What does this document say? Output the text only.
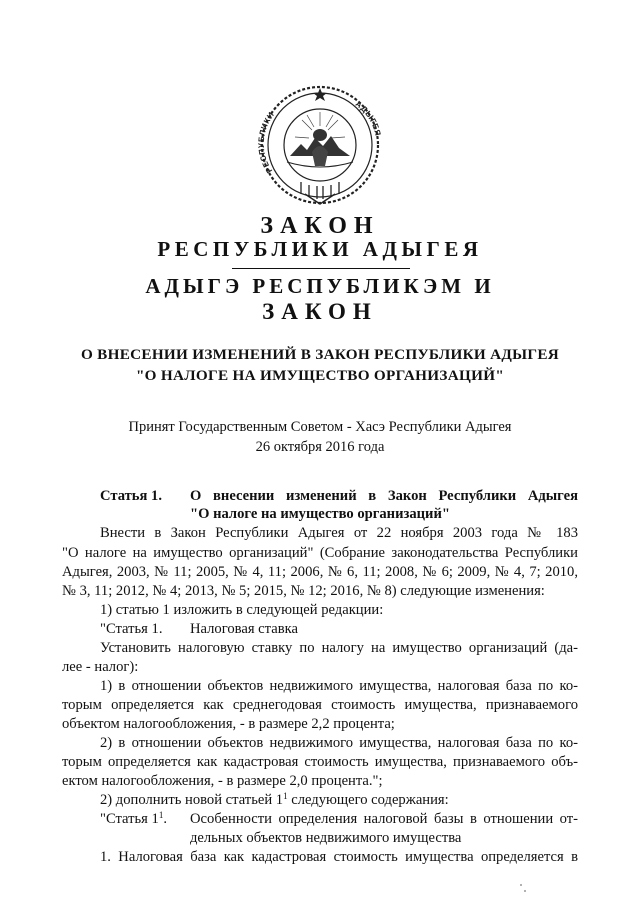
РЕСПУБЛИКИ
АДЫГЕЯ
ЗАКОН
РЕСПУБЛИКИ АДЫГЕЯ
АДЫГЭ РЕСПУБЛИКЭМ И
ЗАКОН
О ВНЕСЕНИИ ИЗМЕНЕНИЙ В ЗАКОН РЕСПУБЛИКИ АДЫГЕЯ
"О НАЛОГЕ НА ИМУЩЕСТВО ОРГАНИЗАЦИЙ"
Принят Государственным Советом - Хасэ Республики Адыгея
26 октября 2016 года
Статья 1. О внесении изменений в Закон Республики Адыгея
"О налоге на имущество организаций"
Внести в Закон Республики Адыгея от 22 ноября 2003 года № 183
"О налоге на имущество организаций" (Собрание законодательства Республики
Адыгея, 2003, № 11; 2005, № 4, 11; 2006, № 6, 11; 2008, № 6; 2009, № 4, 7; 2010,
№ 3, 11; 2012, № 4; 2013, № 5; 2015, № 12; 2016, № 8) следующие изменения:
1) статью 1 изложить в следующей редакции:
"Статья 1. Налоговая ставка
Установить налоговую ставку по налогу на имущество организаций (да-
лее - налог):
1) в отношении объектов недвижимого имущества, налоговая база по ко-
торым определяется как среднегодовая стоимость имущества, признаваемого
объектом налогообложения, - в размере 2,2 процента;
2) в отношении объектов недвижимого имущества, налоговая база по ко-
торым определяется как кадастровая стоимость имущества, признаваемого объ-
ектом налогообложения, - в размере 2,0 процента.";
2) дополнить новой статьей $1^1$ следующего содержания:
"Статья $1^1$. Особенности определения налоговой базы в отношении от-
дельных объектов недвижимого имущества
1. Налоговая база как кадастровая стоимость имущества определяется в
